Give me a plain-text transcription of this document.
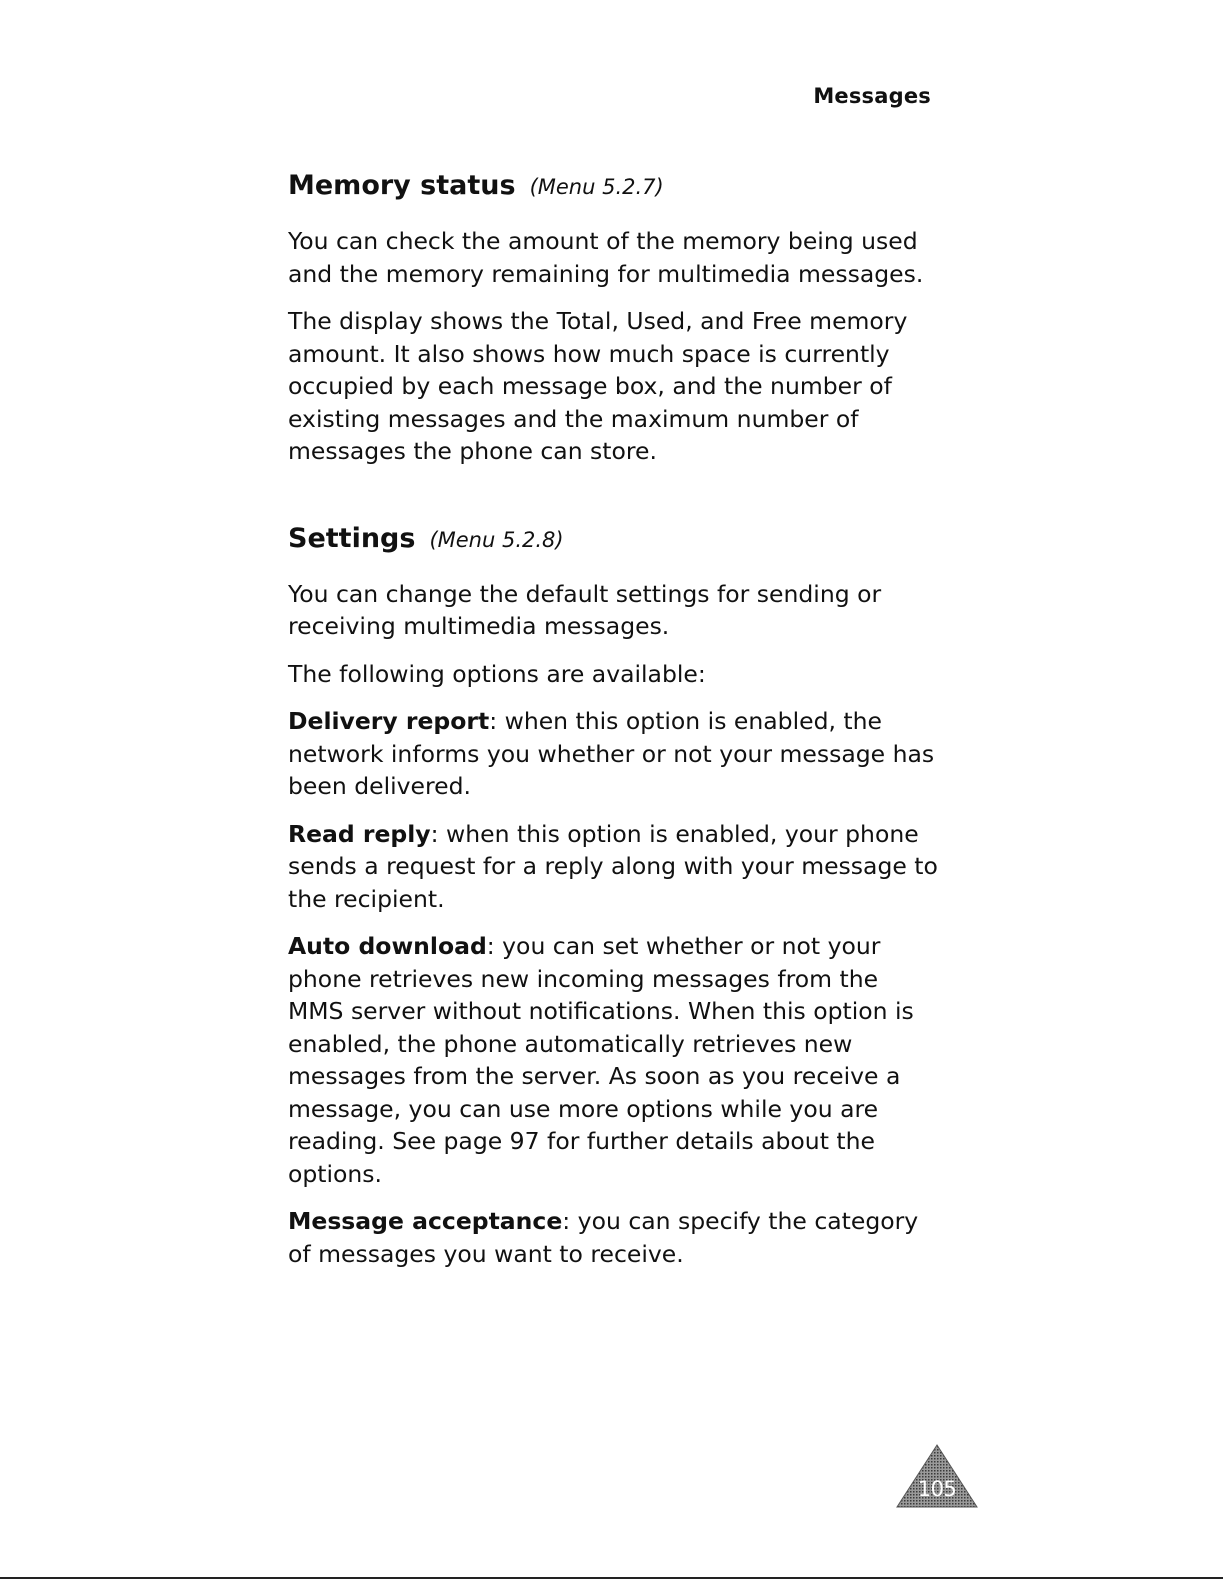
Messages
Memory status (Menu 5.2.7)

You can check the amount of the memory being used and the memory remaining for multimedia messages.

The display shows the Total, Used, and Free memory amount. It also shows how much space is currently occupied by each message box, and the number of existing messages and the maximum number of messages the phone can store.

Settings (Menu 5.2.8)

You can change the default settings for sending or receiving multimedia messages.

The following options are available:

Delivery report: when this option is enabled, the network informs you whether or not your message has been delivered.

Read reply: when this option is enabled, your phone sends a request for a reply along with your message to the recipient.

Auto download: you can set whether or not your phone retrieves new incoming messages from the MMS server without notifications. When this option is enabled, the phone automatically retrieves new messages from the server. As soon as you receive a message, you can use more options while you are reading. See page 97 for further details about the options.

Message acceptance: you can specify the category of messages you want to receive.

105
